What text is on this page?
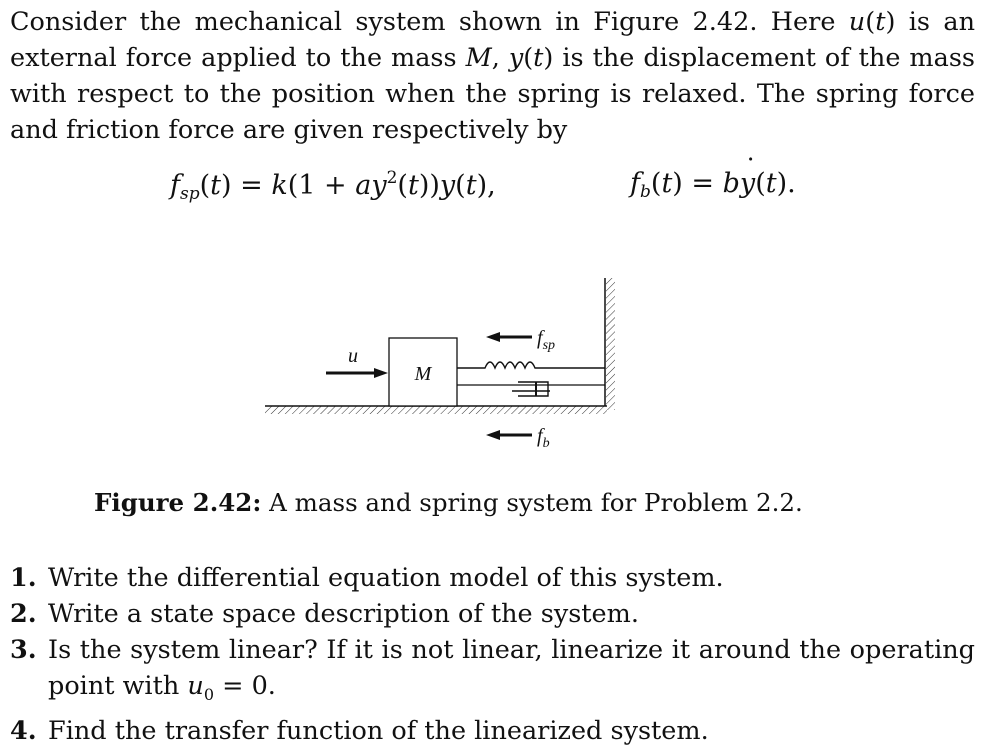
Consider the mechanical system shown in Figure 2.42. Here u(t) is an
external force applied to the mass M, y(t) is the displacement of the mass
with respect to the position when the spring is relaxed. The spring force
and friction force are given respectively by
$f_{sp}(t) = k(1 + ay^2(t))y(t)$,	$f_b(t)$ = b˙ y(t).
M
u
$f_{sp}$
$f_b$
Figure 2.42: A mass and spring system for Problem 2.2.
1. Write the differential equation model of this system.
2. Write a state space description of the system.
3. Is the system linear? If it is not linear, linearize it around the operating
point with $u_0 = 0$.
4. Find the transfer function of the linearized system.
